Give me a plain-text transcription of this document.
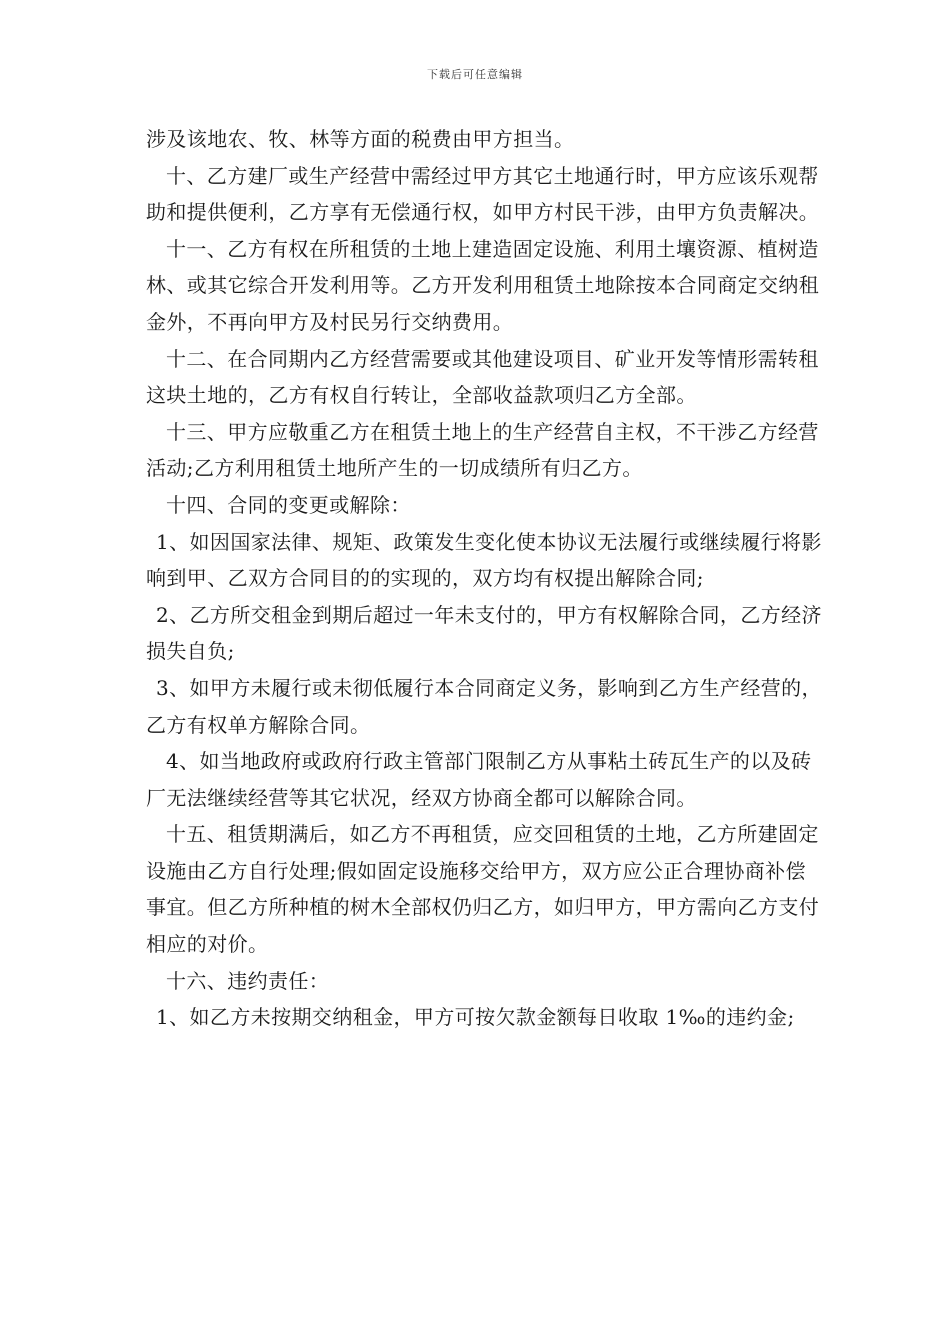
下载后可任意编辑

涉及该地农、牧、林等方面的税费由甲方担当。

十、乙方建厂或生产经营中需经过甲方其它土地通行时，甲方应该乐观帮助和提供便利，乙方享有无偿通行权，如甲方村民干涉，由甲方负责解决。

十一、乙方有权在所租赁的土地上建造固定设施、利用土壤资源、植树造林、或其它综合开发利用等。乙方开发利用租赁土地除按本合同商定交纳租金外，不再向甲方及村民另行交纳费用。

十二、在合同期内乙方经营需要或其他建设项目、矿业开发等情形需转租这块土地的，乙方有权自行转让，全部收益款项归乙方全部。

十三、甲方应敬重乙方在租赁土地上的生产经营自主权，不干涉乙方经营活动;乙方利用租赁土地所产生的一切成绩所有归乙方。

十四、合同的变更或解除：

1、如因国家法律、规矩、政策发生变化使本协议无法履行或继续履行将影响到甲、乙双方合同目的的实现的，双方均有权提出解除合同;

2、乙方所交租金到期后超过一年未支付的，甲方有权解除合同，乙方经济损失自负;

3、如甲方未履行或未彻低履行本合同商定义务，影响到乙方生产经营的，乙方有权单方解除合同。

4、如当地政府或政府行政主管部门限制乙方从事粘土砖瓦生产的以及砖厂无法继续经营等其它状况，经双方协商全都可以解除合同。

十五、租赁期满后，如乙方不再租赁，应交回租赁的土地，乙方所建固定设施由乙方自行处理;假如固定设施移交给甲方，双方应公正合理协商补偿事宜。但乙方所种植的树木全部权仍归乙方，如归甲方，甲方需向乙方支付相应的对价。

十六、违约责任：

1、如乙方未按期交纳租金，甲方可按欠款金额每日收取 1‰的违约金;
